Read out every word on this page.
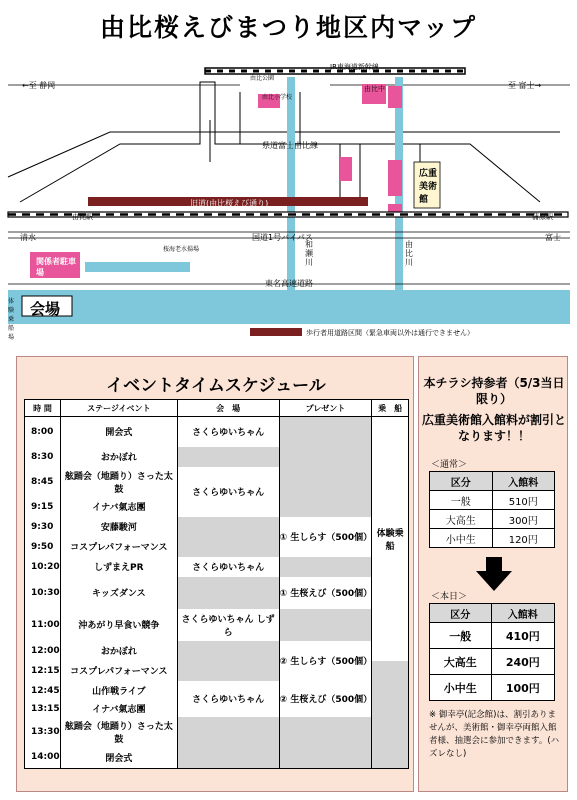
由比桜えびまつり地区内マップ
←至 静岡	至 富士→
JR東海道新幹線
由比公園
由比小学校
由比中
県道富士由比線
広重美術館
旧道(由比桜えび通り)
由比駅	蒲原駅
清水	富士
国道1号バイパス
桜海老水揚場
和瀬川
由比川
東名高速道路
関係者駐車場
会場
体験乗船場
歩行者用道路区間（緊急車両以外は通行できません）
イベントタイムスケジュール
時 間	ステージイベント	会　場	プレゼント	乗　船
8:00	開会式	さくらゆいちゃん		体験乗船
8:30	おかぼれ			
8:45	舷踊会（地踊り）さった太鼓	さくらゆいちゃん		
9:15	イナバ氣志團			
9:30	安藤駿河		① 生しらす（500個）	
9:50	コスプレパフォーマンス			
10:20	しずまえPR	さくらゆいちゃん		
10:30	キッズダンス		① 生桜えび（500個）	
11:00	沖あがり早食い競争	さくらゆいちゃん しずら		
12:00	おかぼれ		② 生しらす（500個）	
12:15	コスプレパフォーマンス			
12:45	山作戦ライブ	さくらゆいちゃん	② 生桜えび（500個）	
13:15	イナバ氣志團			
13:30	舷踊会（地踊り）さった太鼓			
14:00	閉会式			
本チラシ持参者（5/3当日限り）
広重美術館入館料が割引となります！！
＜通常＞
区分	入館料
一般	510円
大高生	300円
小中生	120円
＜本日＞
区分	入館料
一般	410円
大高生	240円
小中生	100円
※ 御幸亭(記念館)は、割引ありませんが、美術館・御幸亭両館入館者様、抽選会に参加できます。(ハズレなし)
